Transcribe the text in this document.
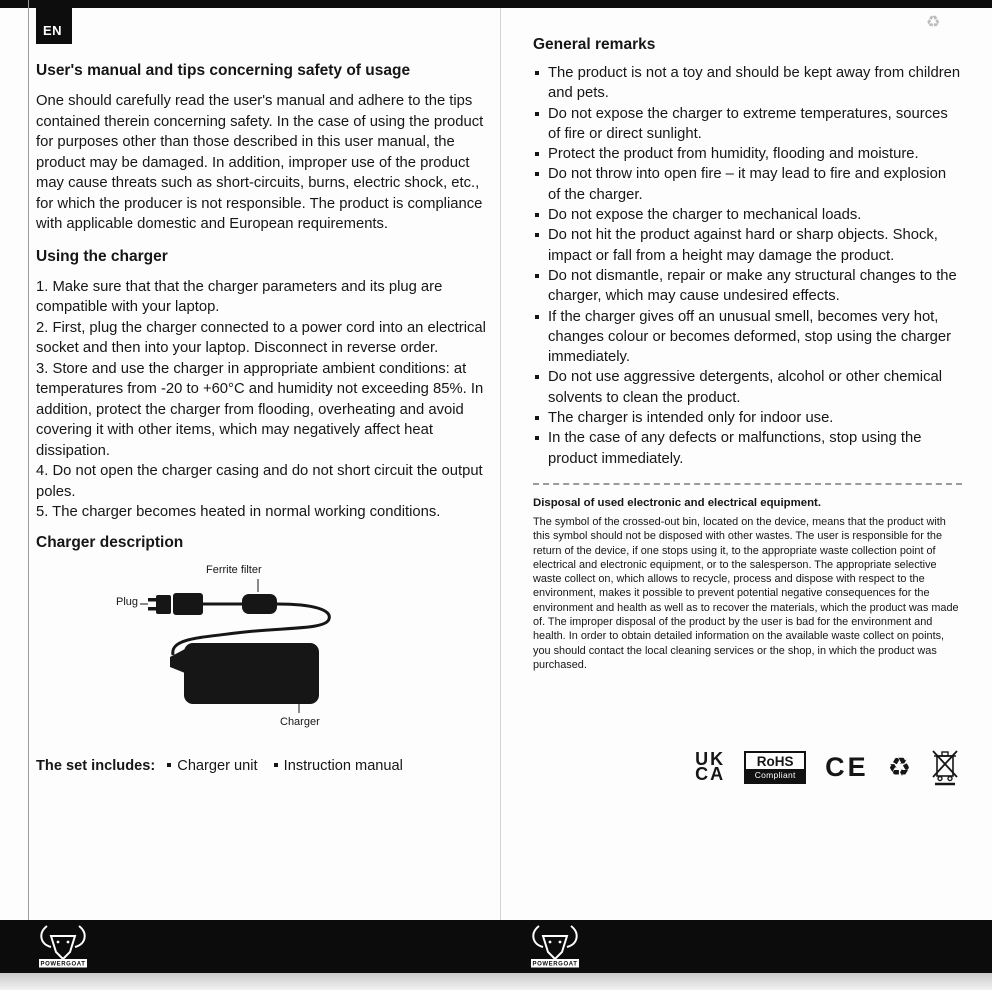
♻
EN
User's manual and tips concerning safety of usage

One should carefully read the user's manual and adhere to the tips contained therein concerning safety. In the case of using the product for purposes other than those described in this user manual, the product may be damaged. In addition, improper use of the product may cause threats such as short-circuits, burns, electric shock, etc., for which the producer is not responsible. The product is compliance with applicable domestic and European requirements.

Using the charger

1. Make sure that that the charger parameters and its plug are compatible with your laptop.

2. First, plug the charger connected to a power cord into an electrical socket and then into your laptop. Disconnect in reverse order.

3. Store and use the charger in appropriate ambient conditions: at temperatures from -20 to +60°C and humidity not exceeding 85%. In addition, protect the charger from flooding, overheating and avoid covering it with other items, which may negatively affect heat dissipation.

4. Do not open the charger casing and do not short circuit the output poles.

5. The charger becomes heated in normal working conditions.

Charger description
Ferrite filter
Plug
Charger
The set includes: Charger unit Instruction manual
General remarks
The product is not a toy and should be kept away from children and pets.
Do not expose the charger to extreme temperatures, sources of fire or direct sunlight.
Protect the product from humidity, flooding and moisture.
Do not throw into open fire – it may lead to fire and explosion of the charger.
Do not expose the charger to mechanical loads.
Do not hit the product against hard or sharp objects. Shock, impact or fall from a height may damage the product.
Do not dismantle, repair or make any structural changes to the charger, which may cause undesired effects.
If the charger gives off an unusual smell, becomes very hot, changes colour or becomes deformed, stop using the charger immediately.
Do not use aggressive detergents, alcohol or other chemical solvents to clean the product.
The charger is intended only for indoor use.
In the case of any defects or malfunctions, stop using the product immediately.
Disposal of used electronic and electrical equipment.

The symbol of the crossed-out bin, located on the device, means that the product with this symbol should not be disposed with other wastes. The user is responsible for the return of the device, if one stops using it, to the appropriate waste collection point of electrical and electronic equipment, or to the salesperson. The appropriate selective waste collect on, which allows to recycle, process and dispose with respect to the environment, makes it possible to prevent potential negative consequences for the environment and health as well as to recover the materials, which the product was made of. The improper disposal of the product by the user is bad for the environment and health. In order to obtain detailed information on the available waste collect on points, you should contact the local cleaning services or the shop, in which the product was purchased.

UK
CA
RoHS
Compliant	CE ♻
POWERGOAT	POWERGOAT
